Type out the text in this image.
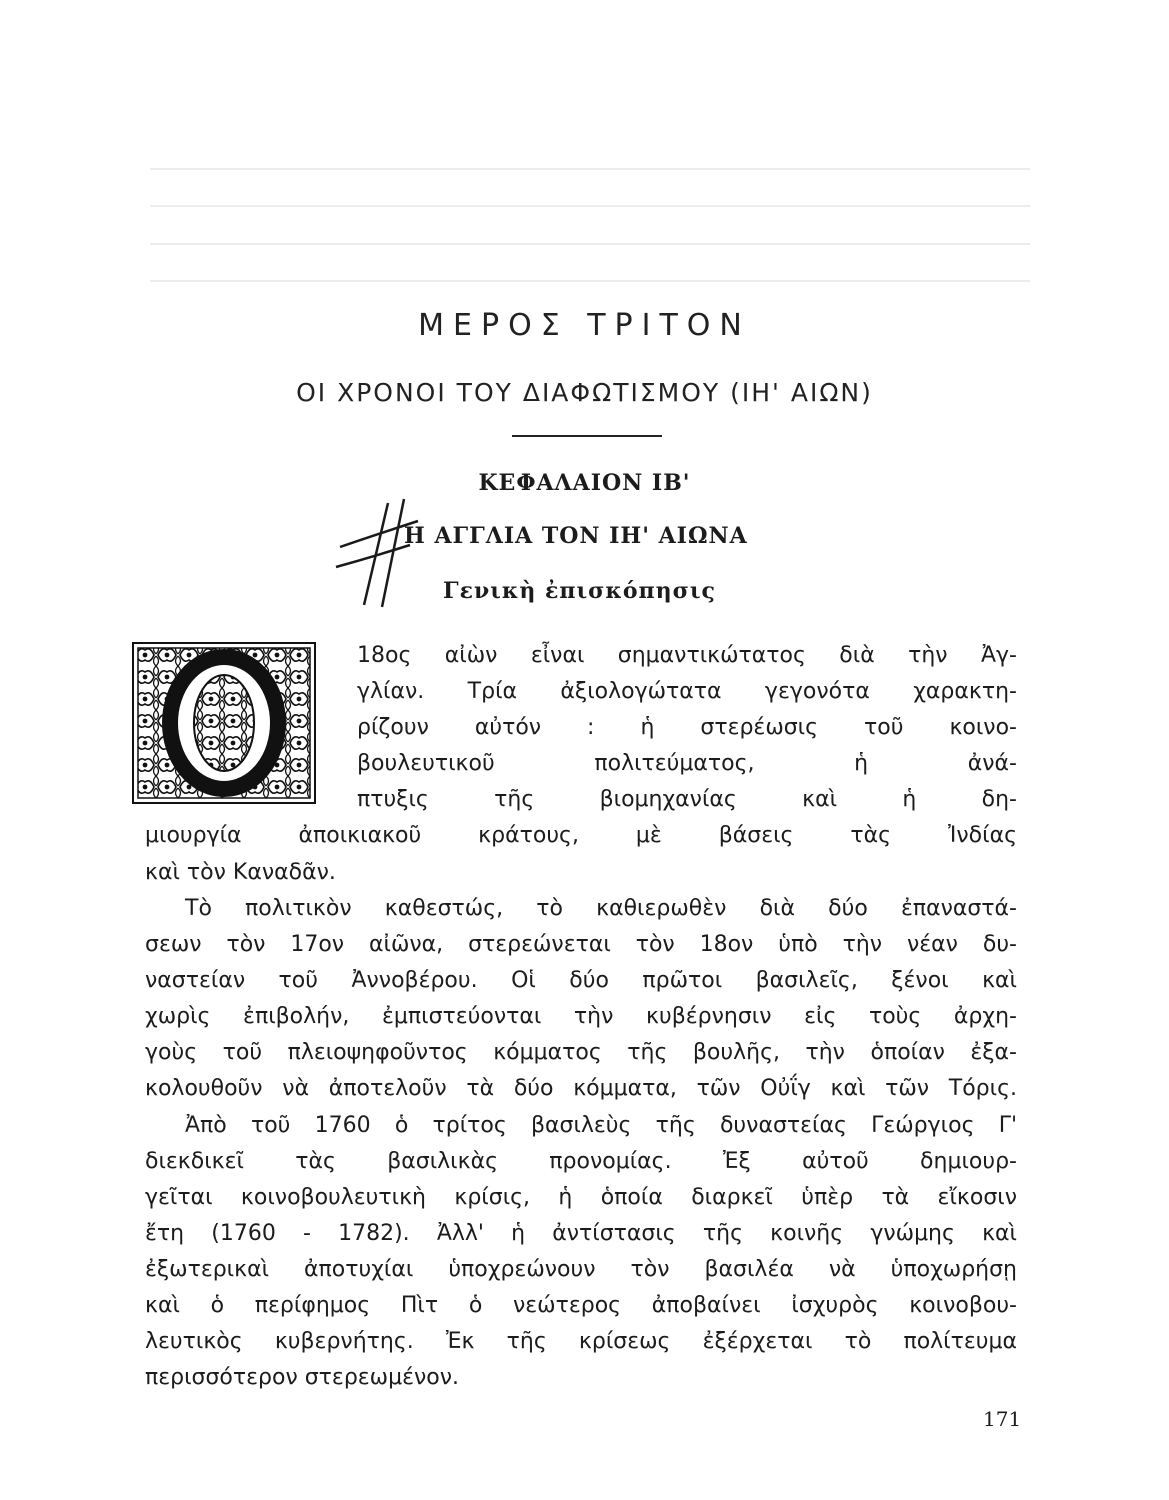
ΜΕΡΟΣ ΤΡΙΤΟΝ
ΟΙ ΧΡΟΝΟΙ ΤΟΥ ΔΙΑΦΩΤΙΣΜΟΥ (ΙΗ' ΑΙΩΝ)
ΚΕΦΑΛΑΙΟΝ ΙΒ'
Η ΑΓΓΛΙΑ ΤΟΝ ΙΗ' ΑΙΩΝΑ
Γενικὴ ἐπισκόπησις
18ος αἰὼν εἶναι σημαντικώτατος διὰ τὴν Ἀγ-
γλίαν. Τρία ἀξιολογώτατα γεγονότα χαρακτη-
ρίζουν αὐτόν : ἡ στερέωσις τοῦ κοινο-
βουλευτικοῦ πολιτεύματος, ἡ ἀνά-
πτυξις τῆς βιομηχανίας καὶ ἡ δη-
μιουργία ἀποικιακοῦ κράτους, μὲ βάσεις τὰς Ἰνδίας
καὶ τὸν Καναδᾶν.
Τὸ πολιτικὸν καθεστώς, τὸ καθιερωθὲν διὰ δύο ἐπαναστά-
σεων τὸν 17ον αἰῶνα, στερεώνεται τὸν 18ον ὑπὸ τὴν νέαν δυ-
ναστείαν τοῦ Ἀννοβέρου. Οἱ δύο πρῶτοι βασιλεῖς, ξένοι καὶ
χωρὶς ἐπιβολήν, ἐμπιστεύονται τὴν κυβέρνησιν εἰς τοὺς ἀρχη-
γοὺς τοῦ πλειοψηφοῦντος κόμματος τῆς βουλῆς, τὴν ὁποίαν ἐξα-
κολουθοῦν νὰ ἀποτελοῦν τὰ δύο κόμματα, τῶν Οὐΐγ καὶ τῶν Τόρις.
Ἀπὸ τοῦ 1760 ὁ τρίτος βασιλεὺς τῆς δυναστείας Γεώργιος Γ'
διεκδικεῖ τὰς βασιλικὰς προνομίας. Ἐξ αὐτοῦ δημιουρ-
γεῖται κοινοβουλευτικὴ κρίσις, ἡ ὁποία διαρκεῖ ὑπὲρ τὰ εἴκοσιν
ἔτη (1760 - 1782). Ἀλλ' ἡ ἀντίστασις τῆς κοινῆς γνώμης καὶ
ἐξωτερικαὶ ἀποτυχίαι ὑποχρεώνουν τὸν βασιλέα νὰ ὑποχωρήσῃ
καὶ ὁ περίφημος Πὶτ ὁ νεώτερος ἀποβαίνει ἰσχυρὸς κοινοβου-
λευτικὸς κυβερνήτης. Ἐκ τῆς κρίσεως ἐξέρχεται τὸ πολίτευμα
περισσότερον στερεωμένον.
171
